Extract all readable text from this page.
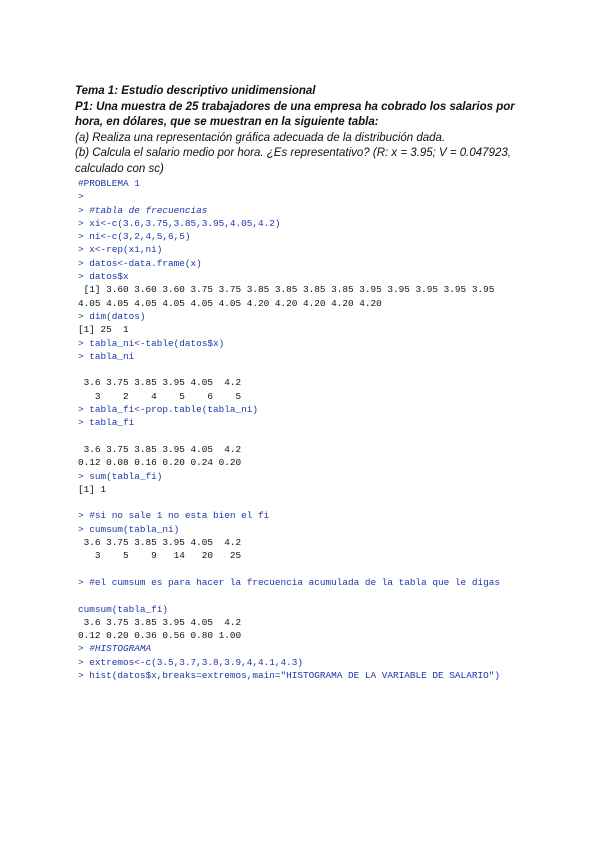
Tema 1: Estudio descriptivo unidimensional
P1: Una muestra de 25 trabajadores de una empresa ha cobrado los salarios por
hora, en dólares, que se muestran en la siguiente tabla:
(a) Realiza una representación gráfica adecuada de la distribución dada.
(b) Calcula el salario medio por hora. ¿Es representativo? (R: x = 3.95; V = 0.047923,
calculado con sc)
#PROBLEMA 1
>
> #tabla de frecuencias
> xi<-c(3.6,3.75,3.85,3.95,4.05,4.2)
> ni<-c(3,2,4,5,6,5)
> x<-rep(xi,ni)
> datos<-data.frame(x)
> datos$x
[1] 3.60 3.60 3.60 3.75 3.75 3.85 3.85 3.85 3.85 3.95 3.95 3.95 3.95 3.95
4.05 4.05 4.05 4.05 4.05 4.05 4.20 4.20 4.20 4.20 4.20
> dim(datos)
[1] 25  1
> tabla_ni<-table(datos$x)
> tabla_ni
3.6 3.75 3.85 3.95 4.05  4.2
3    2    4    5    6    5
> tabla_fi<-prop.table(tabla_ni)
> tabla_fi
3.6 3.75 3.85 3.95 4.05  4.2
0.12 0.08 0.16 0.20 0.24 0.20
> sum(tabla_fi)
[1] 1
> #si no sale 1 no esta bien el fi
> cumsum(tabla_ni)
3.6 3.75 3.85 3.95 4.05  4.2
3    5    9   14   20   25
> #el cumsum es para hacer la frecuencia acumulada de la tabla que le digas
cumsum(tabla_fi)
3.6 3.75 3.85 3.95 4.05  4.2
0.12 0.20 0.36 0.56 0.80 1.00
> #HISTOGRAMA
> extremos<-c(3.5,3.7,3.8,3.9,4,4.1,4.3)
> hist(datos$x,breaks=extremos,main="HISTOGRAMA DE LA VARIABLE DE SALARIO")
